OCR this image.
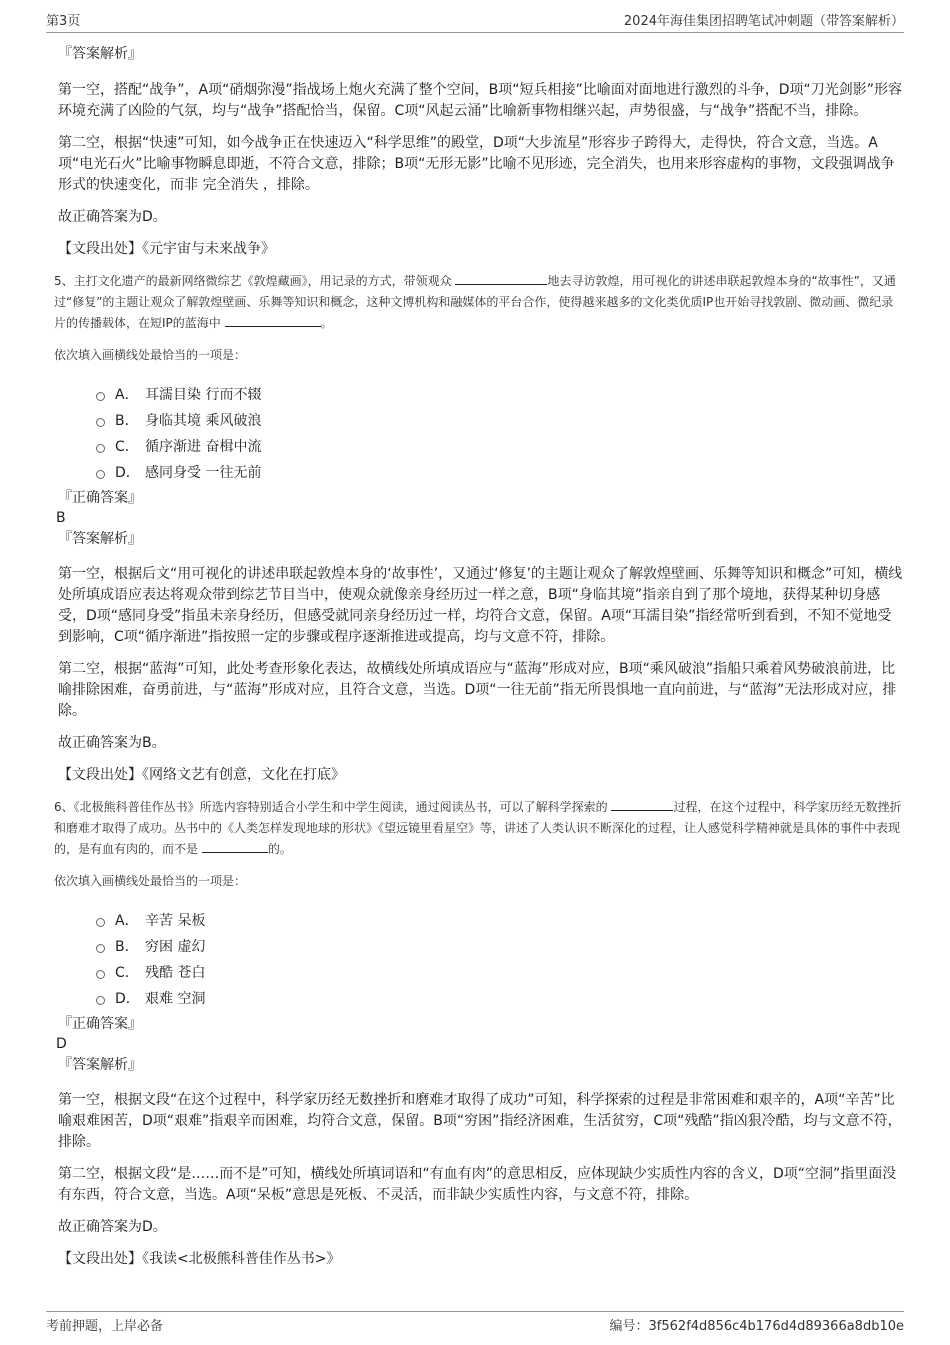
第3页	2024年海佳集团招聘笔试冲刺题（带答案解析）

『答案解析』

第一空，搭配“战争”，A项“硝烟弥漫”指战场上炮火充满了整个空间，B项“短兵相接”比喻面对面地进行激烈的斗争，D项“刀光剑影”形容环境充满了凶险的气氛，均与“战争”搭配恰当，保留。C项“风起云涌”比喻新事物相继兴起，声势很盛，与“战争”搭配不当，排除。

第二空，根据“快速”可知，如今战争正在快速迈入“科学思维”的殿堂，D项“大步流星”形容步子跨得大，走得快，符合文意，当选。A项“电光石火”比喻事物瞬息即逝，不符合文意，排除；B项“无形无影”比喻不见形迹，完全消失，也用来形容虚构的事物，文段强调战争形式的快速变化，而非 完全消失 ，排除。

故正确答案为D。

【文段出处】《元宇宙与未来战争》

5、主打文化遗产的最新网络微综艺《敦煌藏画》，用记录的方式，带领观众	地去寻访敦煌，用可视化的讲述串联起敦煌本身的“故事性”，又通过“修复”的主题让观众了解敦煌壁画、乐舞等知识和概念，这种文博机构和融媒体的平台合作，使得越来越多的文化类优质IP也开始寻找敦剧、微动画、微纪录片的传播载体，在短IP的蓝海中	。

依次填入画横线处最恰当的一项是：

A． 耳濡目染 行而不辍
B． 身临其境 乘风破浪
C． 循序渐进 奋楫中流
D． 感同身受 一往无前

『正确答案』

B

『答案解析』

第一空，根据后文“用可视化的讲述串联起敦煌本身的‘故事性’，又通过‘修复’的主题让观众了解敦煌壁画、乐舞等知识和概念”可知，横线处所填成语应表达将观众带到综艺节目当中，使观众就像亲身经历过一样之意，B项“身临其境”指亲自到了那个境地，获得某种切身感受，D项“感同身受”指虽未亲身经历，但感受就同亲身经历过一样，均符合文意，保留。A项“耳濡目染”指经常听到看到，不知不觉地受到影响，C项“循序渐进”指按照一定的步骤或程序逐渐推进或提高，均与文意不符，排除。

第二空，根据“蓝海”可知，此处考查形象化表达，故横线处所填成语应与“蓝海”形成对应，B项“乘风破浪”指船只乘着风势破浪前进，比喻排除困难，奋勇前进，与“蓝海”形成对应，且符合文意，当选。D项“一往无前”指无所畏惧地一直向前进，与“蓝海”无法形成对应，排除。

故正确答案为B。

【文段出处】《网络文艺有创意，文化在打底》

6、《北极熊科普佳作丛书》所选内容特别适合小学生和中学生阅读，通过阅读丛书，可以了解科学探索的	过程，在这个过程中，科学家历经无数挫折和磨难才取得了成功。丛书中的《人类怎样发现地球的形状》《望远镜里看星空》等，讲述了人类认识不断深化的过程，让人感觉科学精神就是具体的事件中表现的，是有血有肉的，而不是	的。

依次填入画横线处最恰当的一项是：

A． 辛苦 呆板
B． 穷困 虚幻
C． 残酷 苍白
D． 艰难 空洞

『正确答案』

D

『答案解析』

第一空，根据文段“在这个过程中，科学家历经无数挫折和磨难才取得了成功”可知，科学探索的过程是非常困难和艰辛的，A项“辛苦”比喻艰难困苦，D项“艰难”指艰辛而困难，均符合文意，保留。B项“穷困”指经济困难，生活贫穷，C项“残酷”指凶狠冷酷，均与文意不符，排除。

第二空，根据文段“是……而不是”可知，横线处所填词语和“有血有肉”的意思相反，应体现缺少实质性内容的含义，D项“空洞”指里面没有东西，符合文意，当选。A项“呆板”意思是死板、不灵活，而非缺少实质性内容，与文意不符，排除。

故正确答案为D。

【文段出处】《我读<北极熊科普佳作丛书>》

考前押题，上岸必备	编号：3f562f4d856c4b176d4d89366a8db10e
